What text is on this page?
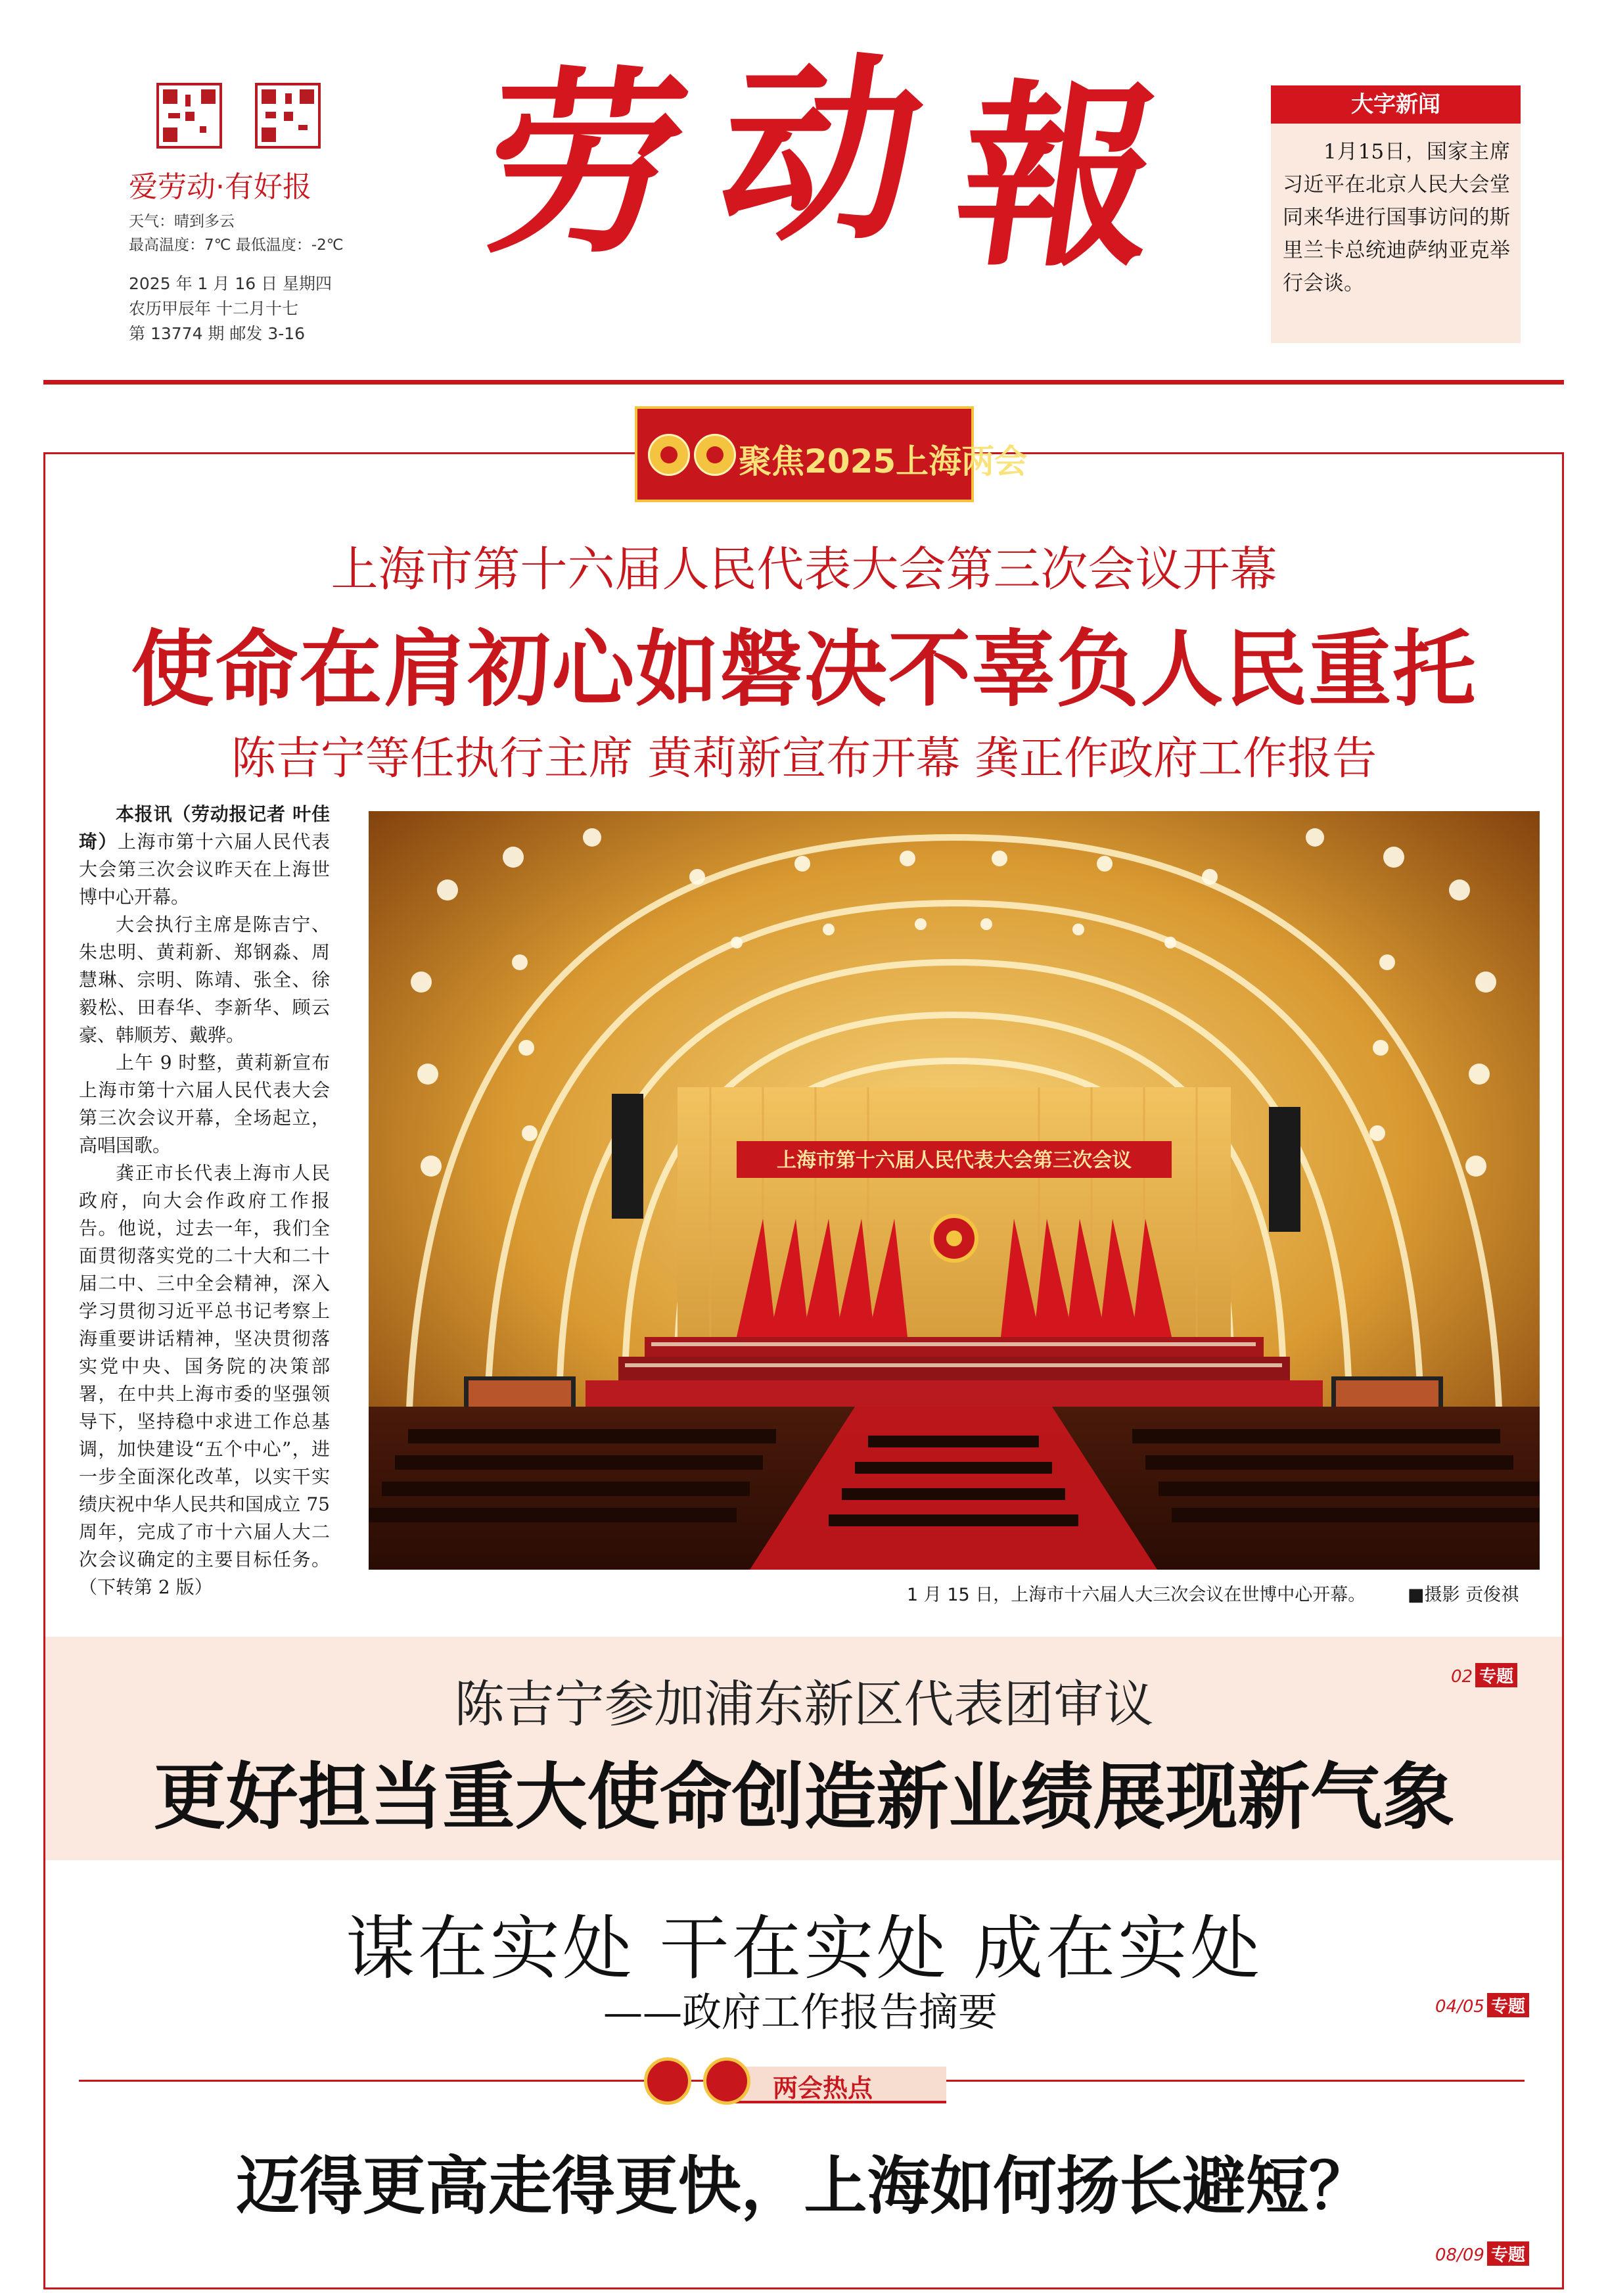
爱劳动·有好报
天气：晴到多云
最高温度：7℃ 最低温度：-2℃
2025 年 1 月 16 日 星期四
农历甲辰年 十二月十七
第 13774 期 邮发 3-16
劳 动 報	大字新闻
1月15日，国家主席习近平在北京人民大会堂同来华进行国事访问的斯里兰卡总统迪萨纳亚克举行会谈。
聚焦2025上海两会
上海市第十六届人民代表大会第三次会议开幕
使命在肩初心如磐决不辜负人民重托
陈吉宁等任执行主席 黄莉新宣布开幕 龚正作政府工作报告

本报讯（劳动报记者 叶佳琦）上海市第十六届人民代表大会第三次会议昨天在上海世博中心开幕。

大会执行主席是陈吉宁、朱忠明、黄莉新、郑钢淼、周慧琳、宗明、陈靖、张全、徐毅松、田春华、李新华、顾云豪、韩顺芳、戴骅。

上午 9 时整，黄莉新宣布上海市第十六届人民代表大会第三次会议开幕，全场起立，高唱国歌。

龚正市长代表上海市人民政府，向大会作政府工作报告。他说，过去一年，我们全面贯彻落实党的二十大和二十届二中、三中全会精神，深入学习贯彻习近平总书记考察上海重要讲话精神，坚决贯彻落实党中央、国务院的决策部署，在中共上海市委的坚强领导下，坚持稳中求进工作总基调，加快建设“五个中心”，进一步全面深化改革，以实干实绩庆祝中华人民共和国成立 75 周年，完成了市十六届人大二次会议确定的主要目标任务。（下转第 2 版）

上海市第十六届人民代表大会第三次会议
1 月 15 日，上海市十六届人大三次会议在世博中心开幕。 ■摄影 贡俊祺
陈吉宁参加浦东新区代表团审议
更好担当重大使命创造新业绩展现新气象
02 专题
谋在实处 干在实处 成在实处
——政府工作报告摘要	04/05 专题
两会热点
迈得更高走得更快，上海如何扬长避短？
08/09 专题
